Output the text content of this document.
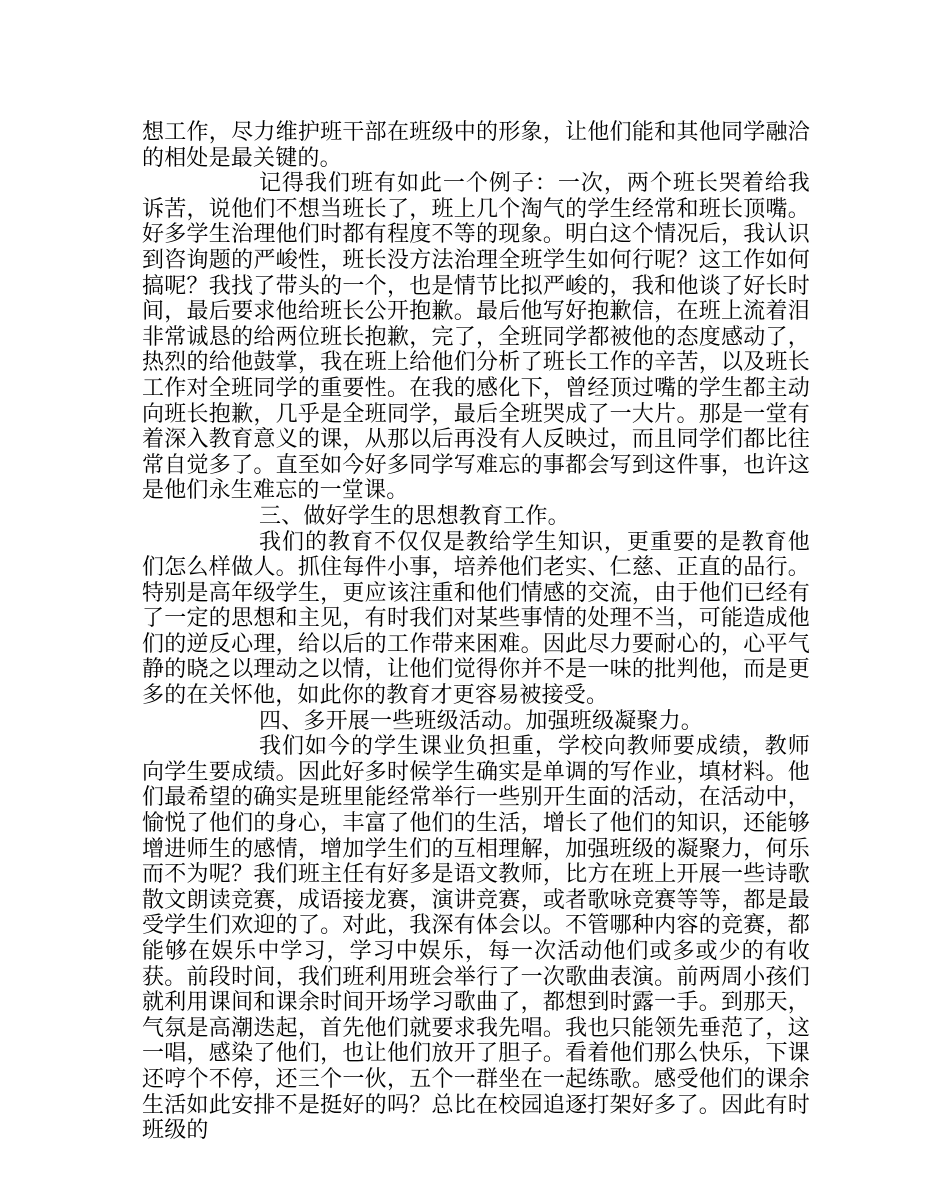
想工作，尽力维护班干部在班级中的形象，让他们能和其他同学融洽的相处是最关键的。

记得我们班有如此一个例子：一次，两个班长哭着给我诉苦，说他们不想当班长了，班上几个淘气的学生经常和班长顶嘴。好多学生治理他们时都有程度不等的现象。明白这个情况后，我认识到咨询题的严峻性，班长没方法治理全班学生如何行呢？这工作如何搞呢？我找了带头的一个，也是情节比拟严峻的，我和他谈了好长时间，最后要求他给班长公开抱歉。最后他写好抱歉信，在班上流着泪非常诚恳的给两位班长抱歉，完了，全班同学都被他的态度感动了，热烈的给他鼓掌，我在班上给他们分析了班长工作的辛苦，以及班长工作对全班同学的重要性。在我的感化下，曾经顶过嘴的学生都主动向班长抱歉，几乎是全班同学，最后全班哭成了一大片。那是一堂有着深入教育意义的课，从那以后再没有人反映过，而且同学们都比往常自觉多了。直至如今好多同学写难忘的事都会写到这件事，也许这是他们永生难忘的一堂课。

三、做好学生的思想教育工作。

我们的教育不仅仅是教给学生知识，更重要的是教育他们怎么样做人。抓住每件小事，培养他们老实、仁慈、正直的品行。特别是高年级学生，更应该注重和他们情感的交流，由于他们已经有了一定的思想和主见，有时我们对某些事情的处理不当，可能造成他们的逆反心理，给以后的工作带来困难。因此尽力要耐心的，心平气静的晓之以理动之以情，让他们觉得你并不是一味的批判他，而是更多的在关怀他，如此你的教育才更容易被接受。

四、多开展一些班级活动。加强班级凝聚力。

我们如今的学生课业负担重，学校向教师要成绩，教师向学生要成绩。因此好多时候学生确实是单调的写作业，填材料。他们最希望的确实是班里能经常举行一些别开生面的活动，在活动中，愉悦了他们的身心，丰富了他们的生活，增长了他们的知识，还能够增进师生的感情，增加学生们的互相理解，加强班级的凝聚力，何乐而不为呢？我们班主任有好多是语文教师，比方在班上开展一些诗歌散文朗读竞赛，成语接龙赛，演讲竞赛，或者歌咏竞赛等等，都是最受学生们欢迎的了。对此，我深有体会以。不管哪种内容的竞赛，都能够在娱乐中学习，学习中娱乐，每一次活动他们或多或少的有收获。前段时间，我们班利用班会举行了一次歌曲表演。前两周小孩们就利用课间和课余时间开场学习歌曲了，都想到时露一手。到那天，气氛是高潮迭起，首先他们就要求我先唱。我也只能领先垂范了，这一唱，感染了他们，也让他们放开了胆子。看着他们那么快乐，下课还哼个不停，还三个一伙，五个一群坐在一起练歌。感受他们的课余生活如此安排不是挺好的吗？总比在校园追逐打架好多了。因此有时班级的
